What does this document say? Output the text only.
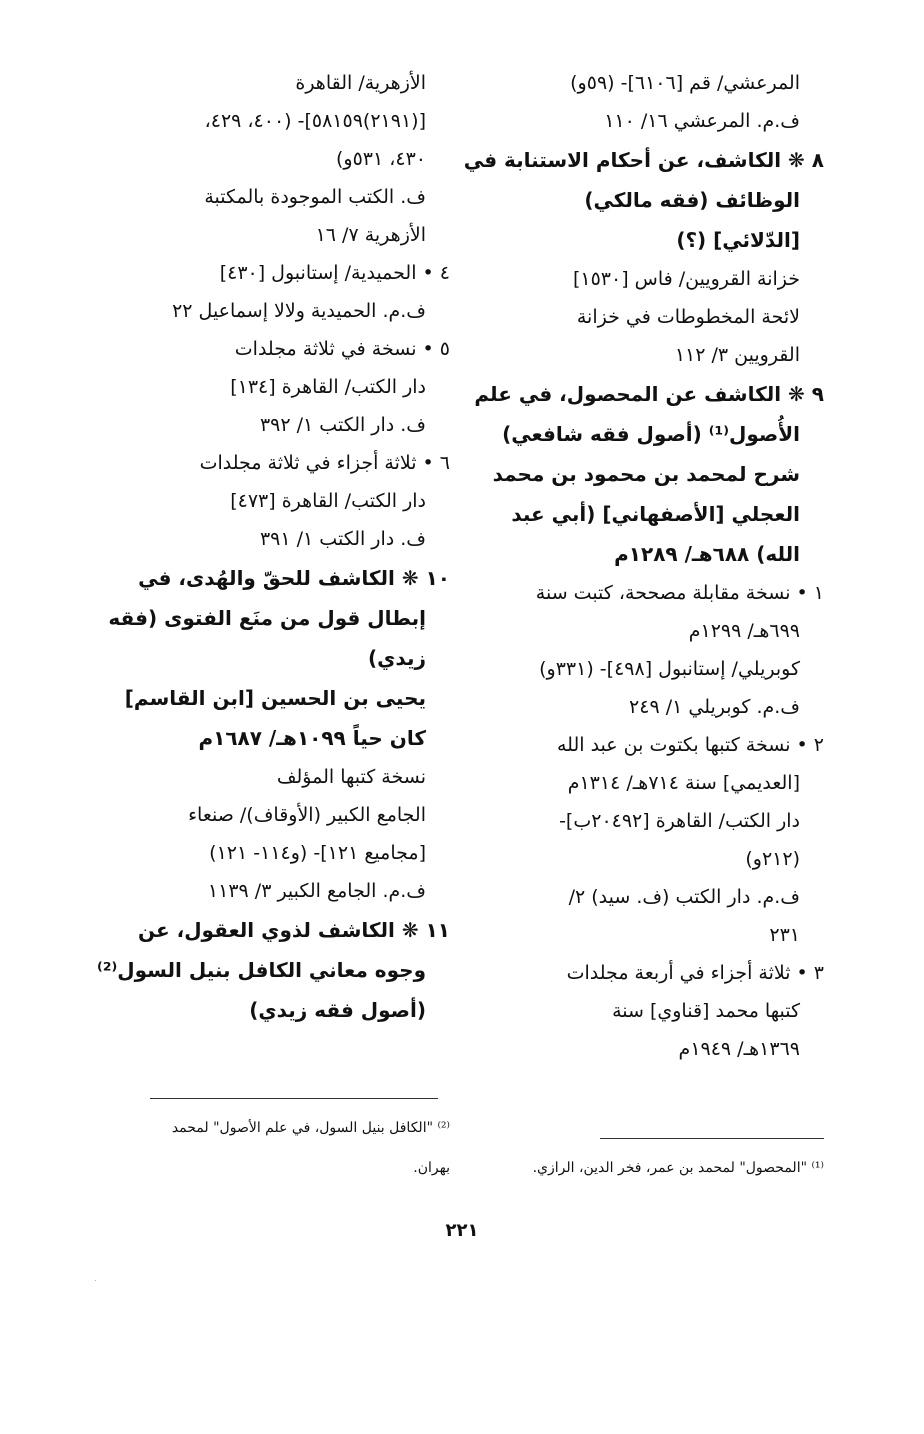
المرعشي/ قم [٦١٠٦]- (٥٩و)
ف.م. المرعشي ١٦/ ١١٠
٨ ❋ الكاشف، عن أحكام الاستنابة في
الوظائف (فقه مالكي)
[الدّلائي] (؟)
خزانة القرويين/ فاس [١٥٣٠]
لائحة المخطوطات في خزانة
القرويين ٣/ ١١٢
٩ ❋ الكاشف عن المحصول، في علم
الأُصول⁽¹⁾ (أصول فقه شافعي)
شرح لمحمد بن محمود بن محمد
العجلي [الأصفهاني] (أبي عبد
الله) ٦٨٨هـ/ ١٢٨٩م
١ • نسخة مقابلة مصححة، كتبت سنة
٦٩٩هـ/ ١٢٩٩م
كوبريلي/ إستانبول [٤٩٨]- (٣٣١و)
ف.م. كوبريلي ١/ ٢٤٩
٢ • نسخة كتبها بكتوت بن عبد الله
[العديمي] سنة ٧١٤هـ/ ١٣١٤م
دار الكتب/ القاهرة [٢٠٤٩٢ب]-
(٢١٢و)
ف.م. دار الكتب (ف. سيد) ٢/
٢٣١
٣ • ثلاثة أجزاء في أربعة مجلدات
كتبها محمد [قناوي] سنة
١٣٦٩هـ/ ١٩٤٩م
الأزهرية/ القاهرة
[(٢١٩١)٥٨١٥٩]- (٤٠٠، ٤٢٩،
٤٣٠، ٥٣١و)
ف. الكتب الموجودة بالمكتبة
الأزهرية ٧/ ١٦
٤ • الحميدية/ إستانبول [٤٣٠]
ف.م. الحميدية ولالا إسماعيل ٢٢
٥ • نسخة في ثلاثة مجلدات
دار الكتب/ القاهرة [١٣٤]
ف. دار الكتب ١/ ٣٩٢
٦ • ثلاثة أجزاء في ثلاثة مجلدات
دار الكتب/ القاهرة [٤٧٣]
ف. دار الكتب ١/ ٣٩١
١٠ ❋ الكاشف للحقّ والهُدى، في
إبطال قول من منَع الفتوى (فقه
زيدي)
يحيى بن الحسين [ابن القاسم]
كان حياً ١٠٩٩هـ/ ١٦٨٧م
نسخة كتبها المؤلف
الجامع الكبير (الأوقاف)/ صنعاء
[مجاميع ١٢١]- (و١١٤- ١٢١)
ف.م. الجامع الكبير ٣/ ١١٣٩
١١ ❋ الكاشف لذوي العقول، عن
وجوه معاني الكافل بنيل السول⁽²⁾
(أصول فقه زيدي)
⁽²⁾ "الكافل بنيل السول، في علم الأصول" لمحمد
بهران.	⁽¹⁾ "المحصول" لمحمد بن عمر، فخر الدين، الرازي.
٢٢١
.
